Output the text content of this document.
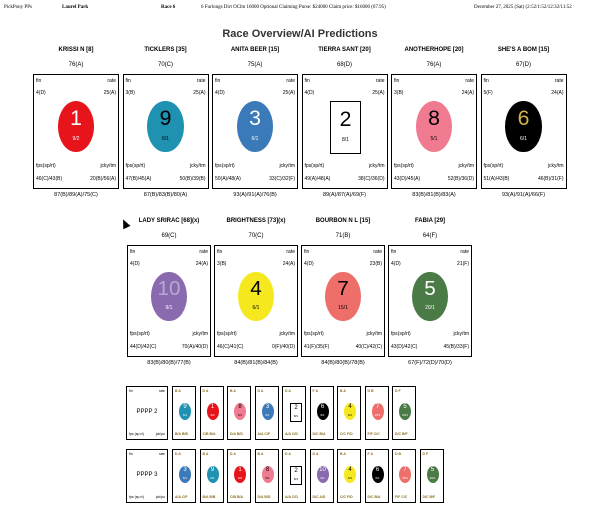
PickPony PPs	Laurel Park	Race 6	6 Furlongs Dirt OClm 16000 Optional Claiming Purse: $24000 Claim price: $16000 (67.95)	December 27, 2025 (Sat) (2:52/1:52/12:32/11:52
Race Overview/AI Predictions
KRISSI N [8]
76(A)
fin	rate
4(D)	25(A)
1
9/2
fps(sp/rt)	jcky/tm
46(C)/43(B)	20(B)/56(A)
87(B)/89(A)/75(C)
TICKLERS [35]
70(C)
fin	rate
3(B)	25(A)
9
6/1
fps(sp/rt)	jcky/tm
47(B)/45(A)	50(B)/39(B)
87(B)/83(B)/80(A)
ANITA BEER [15]
75(A)
fin	rate
4(D)	25(A)
3
6/1
fps(sp/rt)	jcky/tm
50(A)/48(A)	33(C)/32(F)
93(A)/91(A)/76(B)
TIERRA SANT [20]
68(D)
fin	rate
4(D)	25(A)
2
8/1
fps(sp/rt)	jcky/tm
49(A)/48(A)	38(C)/36(D)
89(A)/87(A)/69(F)
ANOTHERHOPE [20]
76(A)
fin	rate
3(B)	24(A)
8
5/1
fps(sp/rt)	jcky/tm
43(D)/45(A)	52(B)/36(D)
83(B)/81(B)/83(A)
SHE'S A BOM [15]
67(D)
fin	rate
5(F)	24(A)
6
6/1
fps(sp/rt)	jcky/tm
51(A)/43(B)	46(B)/31(F)
93(A)/91(A)/66(F)
LADY SRIRAC [68](x)
69(C)
fin	rate
4(D)	24(A)
10
9/1
fps(sp/rt)	jcky/tm
44(D)/42(C)	70(A)/40(D)
83(B)/80(B)/77(B)
BRIGHTNESS [73](x)
70(C)
fin	rate
3(B)	24(A)
4
6/1
fps(sp/rt)	jcky/tm
46(C)/41(C)	0(F)/40(D)
84(B)/81(B)/84(B)
BOURBON N L [15]
71(B)
fin	rate
4(D)	23(B)
7
15/1
fps(sp/rt)	jcky/tm
41(F)/35(F)	40(C)/42(C)
84(B)/80(B)/78(B)
FABIA [29]
64(F)
fin	rate
4(D)	21(F)
5
20/1
fps(sp/rt)	jcky/tm
43(D)/42(C)	45(B)/33(F)
67(F)/72(D)/70(D)
fin	rate
PPPP 2
fps (sp.rt)	jck/po
B A
9
6/1
B/A B/B
D A
1
9/2
C/B B/A
B A
8
5/1
D/A B/D
D A
3
6/1
A/A C/F
D A
2
8/1
A/A C/D
F A
6
6/1
D/C B/A
B A
4
6/1
C/C F/D
D B
7
15/1
F/F C/C
D F
5
20/1
D/C B/F
fin	rate
PPPP 3
fps (sp.rt)	jck/po
D A
3
6/1
A/A C/F
B A
9
6/1
B/A B/B
D A
1
9/2
C/B B/A
B A
8
5/1
D/A B/D
D A
2
8/1
A/A C/D
D A
10
9/1
D/C A/D
B A
4
6/1
C/C F/D
F A
6
6/1
D/C B/A
D B
7
15/1
F/F C/C
D F
5
20/1
D/C B/F
